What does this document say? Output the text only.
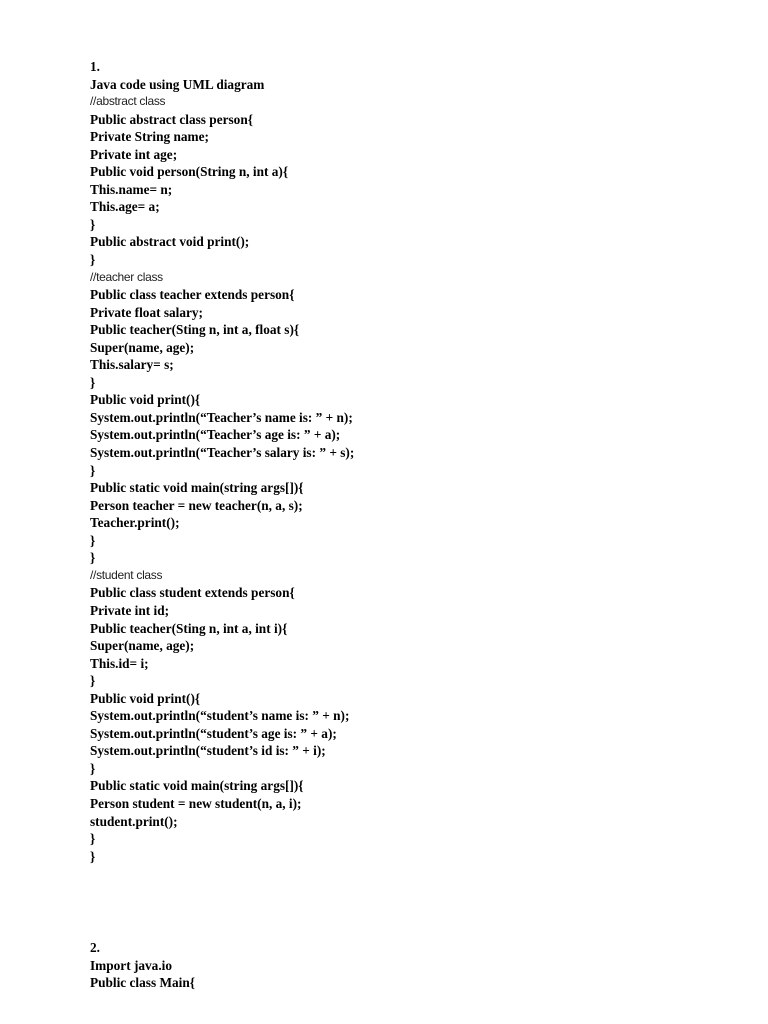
1.
Java code using UML diagram
//abstract class
Public abstract class person{
Private String name;
Private int age;
Public void person(String n, int a){
This.name= n;
This.age= a;
}
Public abstract void print();
}
//teacher class
Public class teacher extends person{
Private float salary;
Public teacher(Sting n, int a, float s){
Super(name, age);
This.salary= s;
}
Public void print(){
System.out.println(“Teacher’s name is: ” + n);
System.out.println(“Teacher’s age is: ” + a);
System.out.println(“Teacher’s salary is: ” + s);
}
Public static void main(string args[]){
Person teacher = new teacher(n, a, s);
Teacher.print();
}
}
//student class
Public class student extends person{
Private int id;
Public teacher(Sting n, int a, int i){
Super(name, age);
This.id= i;
}
Public void print(){
System.out.println(“student’s name is: ” + n);
System.out.println(“student’s age is: ” + a);
System.out.println(“student’s id is: ” + i);
}
Public static void main(string args[]){
Person student = new student(n, a, i);
student.print();
}
}
2.
Import java.io
Public class Main{
